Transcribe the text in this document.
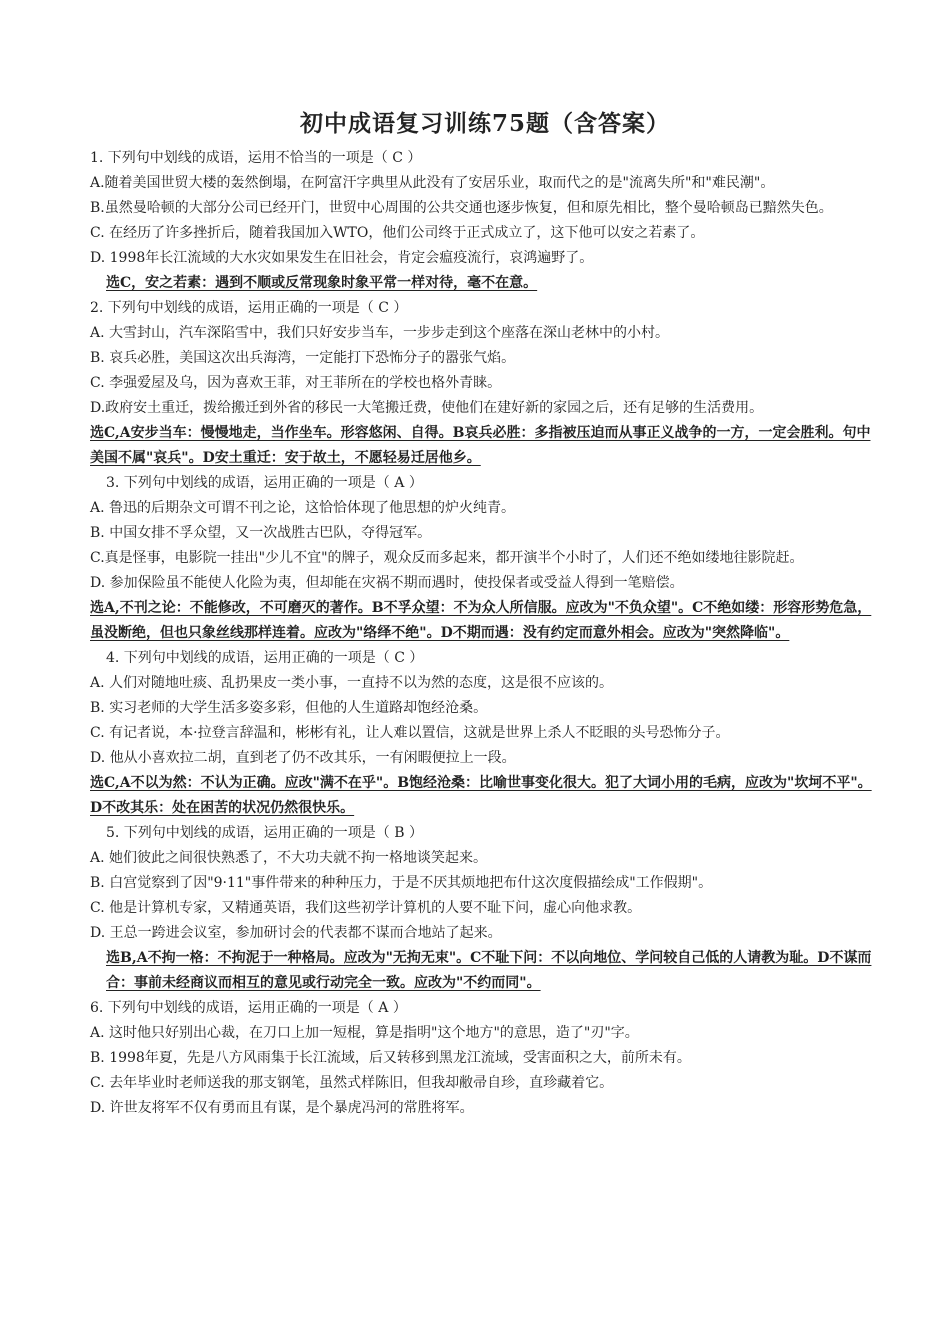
初中成语复习训练75题（含答案）
1. 下列句中划线的成语，运用不恰当的一项是（ C ）
A.随着美国世贸大楼的轰然倒塌，在阿富汗字典里从此没有了安居乐业，取而代之的是"流离失所"和"难民潮"。
B.虽然曼哈顿的大部分公司已经开门，世贸中心周围的公共交通也逐步恢复，但和原先相比，整个曼哈顿岛已黯然失色。
C. 在经历了许多挫折后，随着我国加入WTO，他们公司终于正式成立了，这下他可以安之若素了。
D. 1998年长江流域的大水灾如果发生在旧社会，肯定会瘟疫流行，哀鸿遍野了。
选C，安之若素：遇到不顺或反常现象时象平常一样对待，毫不在意。
2. 下列句中划线的成语，运用正确的一项是（ C ）
A. 大雪封山，汽车深陷雪中，我们只好安步当车，一步步走到这个座落在深山老林中的小村。
B. 哀兵必胜，美国这次出兵海湾，一定能打下恐怖分子的嚣张气焰。
C. 李强爱屋及乌，因为喜欢王菲，对王菲所在的学校也格外青睐。
D.政府安土重迁，拨给搬迁到外省的移民一大笔搬迁费，使他们在建好新的家园之后，还有足够的生活费用。
选C,A安步当车：慢慢地走，当作坐车。形容悠闲、自得。B哀兵必胜：多指被压迫而从事正义战争的一方，一定会胜利。句中美国不属"哀兵"。D安土重迁：安于故土，不愿轻易迁居他乡。
3. 下列句中划线的成语，运用正确的一项是（ A ）
A. 鲁迅的后期杂文可谓不刊之论，这恰恰体现了他思想的炉火纯青。
B. 中国女排不孚众望，又一次战胜古巴队，夺得冠军。
C.真是怪事，电影院一挂出"少儿不宜"的牌子，观众反而多起来，都开演半个小时了，人们还不绝如缕地往影院赶。
D. 参加保险虽不能使人化险为夷，但却能在灾祸不期而遇时，使投保者或受益人得到一笔赔偿。
选A,不刊之论：不能修改，不可磨灭的著作。B不孚众望：不为众人所信服。应改为"不负众望"。C不绝如缕：形容形势危急，虽没断绝，但也只象丝线那样连着。应改为"络绎不绝"。D不期而遇：没有约定而意外相会。应改为"突然降临"。
4. 下列句中划线的成语，运用正确的一项是（ C ）
A. 人们对随地吐痰、乱扔果皮一类小事，一直持不以为然的态度，这是很不应该的。
B. 实习老师的大学生活多姿多彩，但他的人生道路却饱经沧桑。
C. 有记者说，本·拉登言辞温和，彬彬有礼，让人难以置信，这就是世界上杀人不眨眼的头号恐怖分子。
D. 他从小喜欢拉二胡，直到老了仍不改其乐，一有闲暇便拉上一段。
选C,A不以为然：不认为正确。应改"满不在乎"。B饱经沧桑：比喻世事变化很大。犯了大词小用的毛病，应改为"坎坷不平"。D不改其乐：处在困苦的状况仍然很快乐。
5. 下列句中划线的成语，运用正确的一项是（ B ）
A. 她们彼此之间很快熟悉了，不大功夫就不拘一格地谈笑起来。
B. 白宫觉察到了因"9·11"事件带来的种种压力，于是不厌其烦地把布什这次度假描绘成"工作假期"。
C. 他是计算机专家，又精通英语，我们这些初学计算机的人要不耻下问，虚心向他求教。
D. 王总一跨进会议室，参加研讨会的代表都不谋而合地站了起来。
选B,A不拘一格：不拘泥于一种格局。应改为"无拘无束"。C不耻下问：不以向地位、学问较自己低的人请教为耻。D不谋而合：事前未经商议而相互的意见或行动完全一致。应改为"不约而同"。
6. 下列句中划线的成语，运用正确的一项是（ A ）
A. 这时他只好别出心裁，在刀口上加一短棍，算是指明"这个地方"的意思，造了"刃"字。
B. 1998年夏，先是八方风雨集于长江流域，后又转移到黑龙江流域，受害面积之大，前所未有。
C. 去年毕业时老师送我的那支钢笔，虽然式样陈旧，但我却敝帚自珍，直珍藏着它。
D. 许世友将军不仅有勇而且有谋，是个暴虎冯河的常胜将军。
